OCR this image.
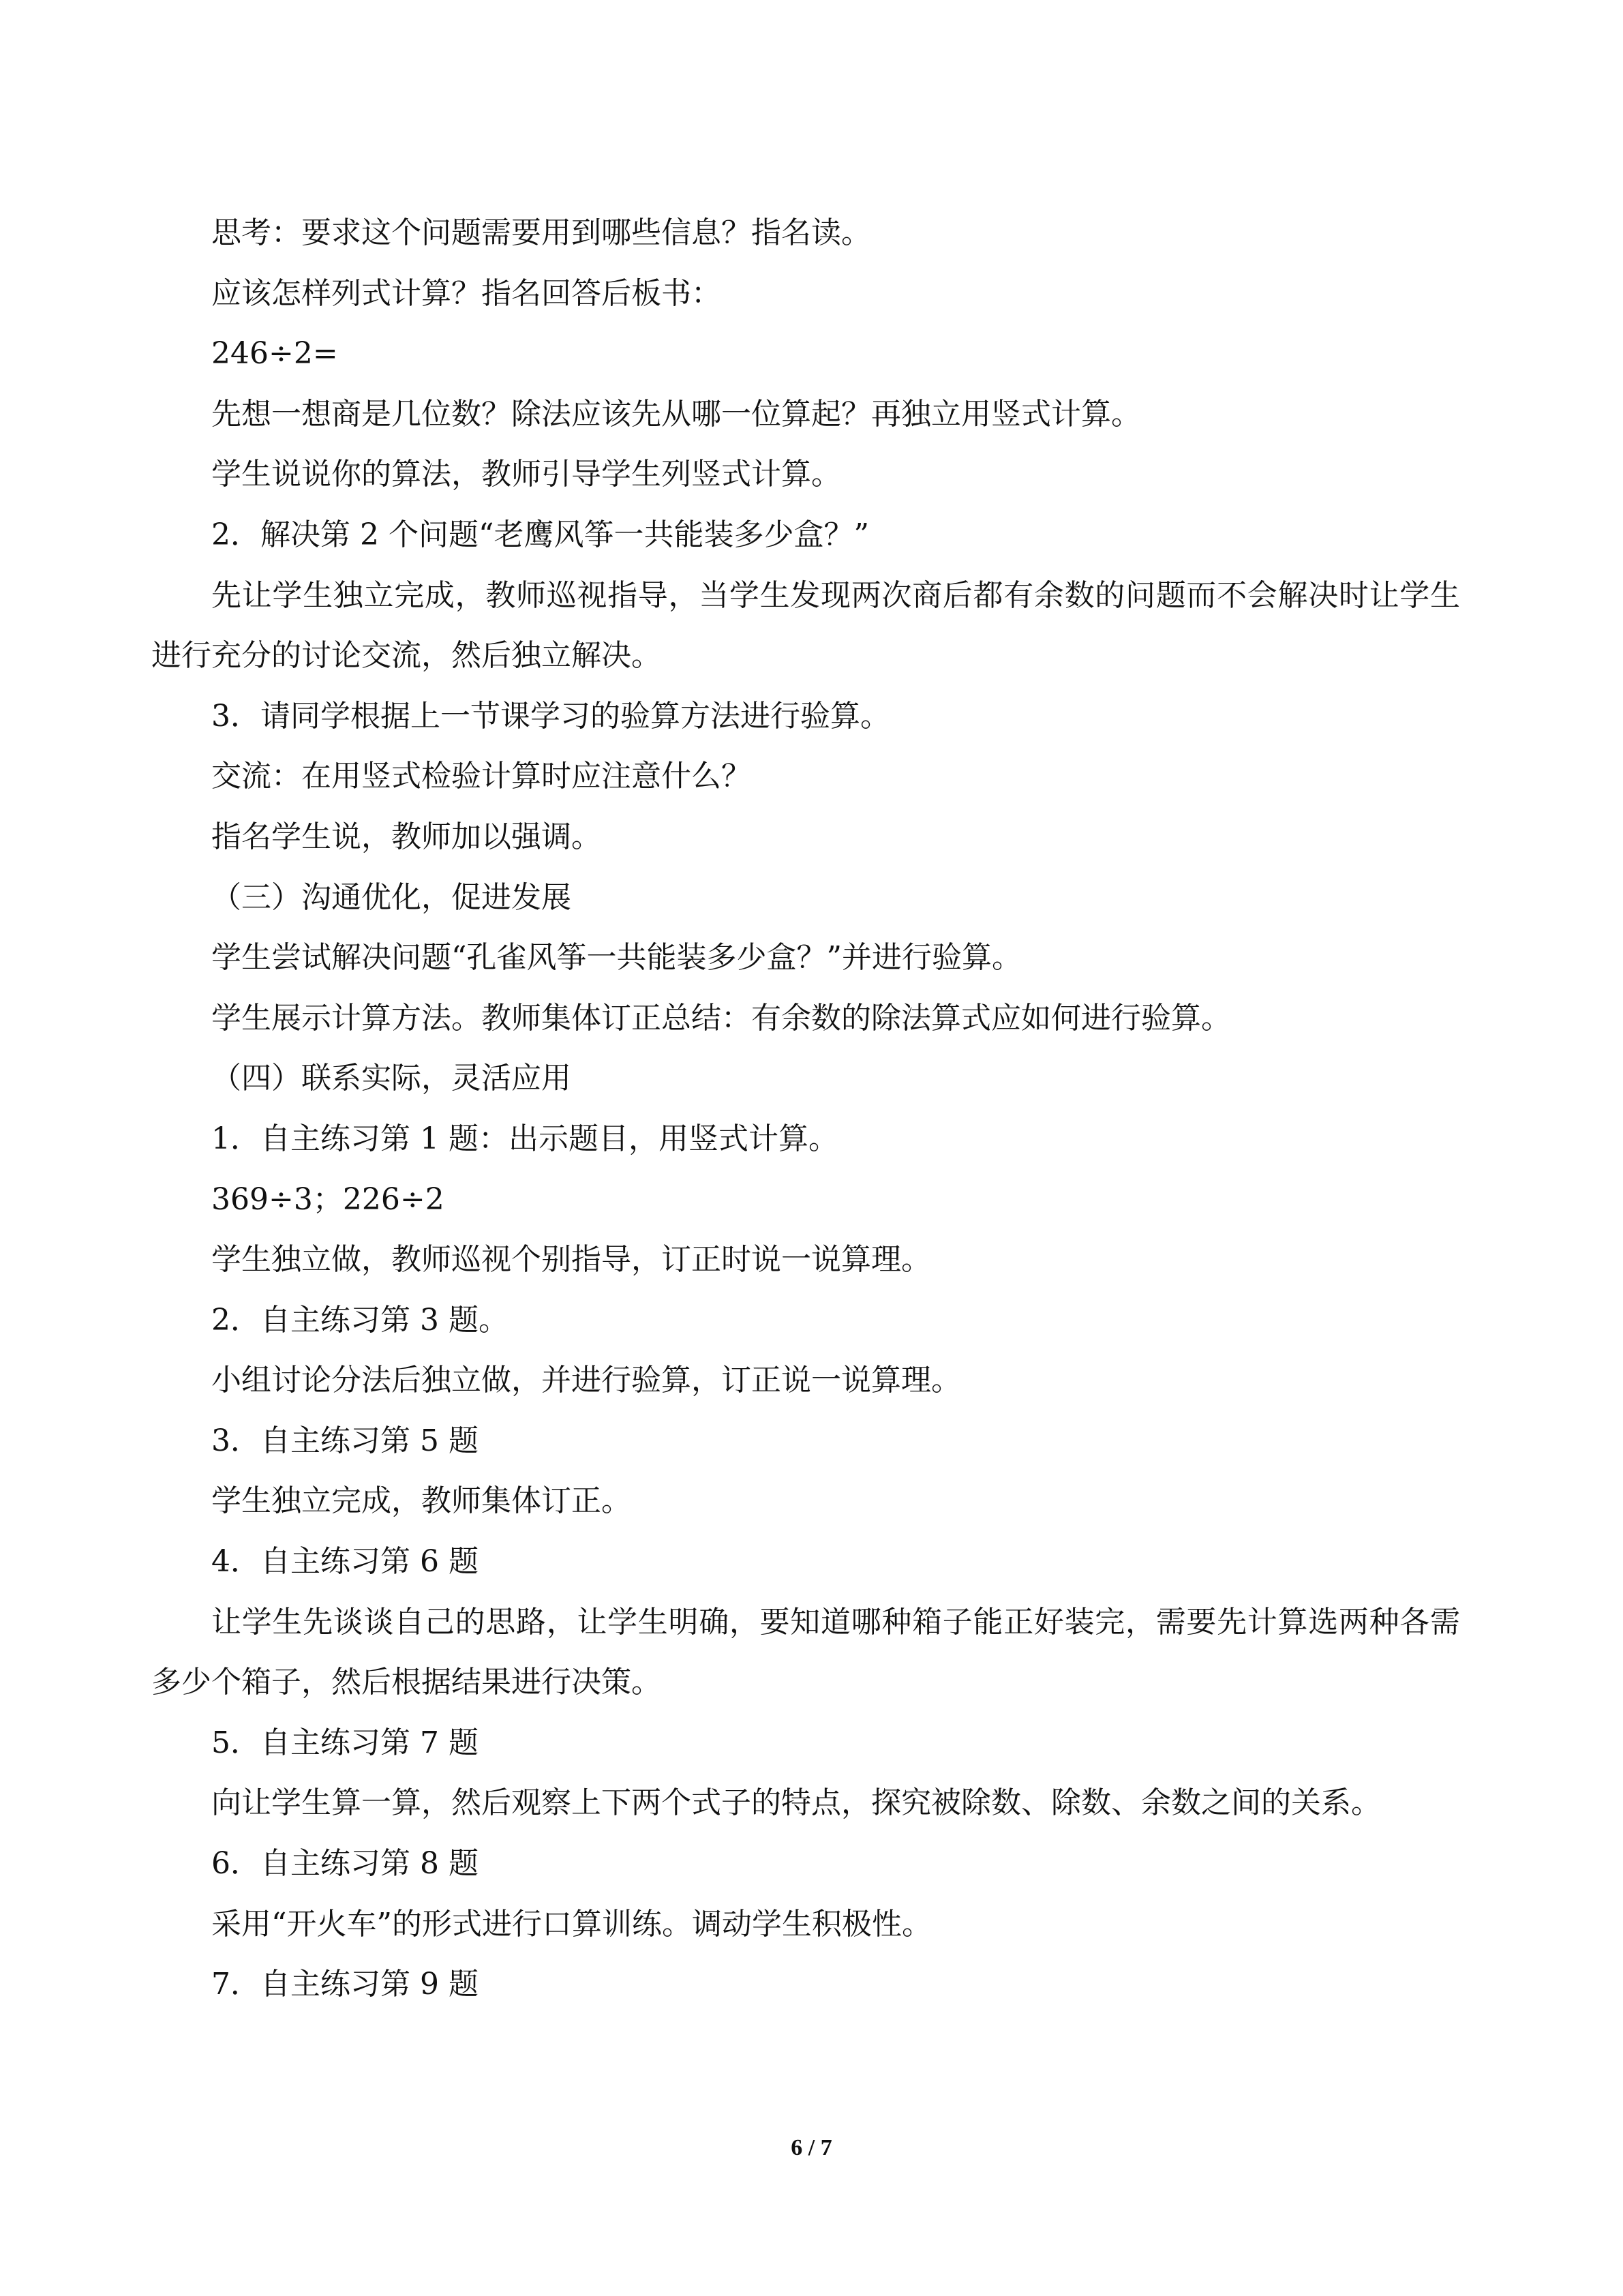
思考：要求这个问题需要用到哪些信息？指名读。
应该怎样列式计算？指名回答后板书：
246÷2=
先想一想商是几位数？除法应该先从哪一位算起？再独立用竖式计算。
学生说说你的算法，教师引导学生列竖式计算。
2．解决第 2 个问题“老鹰风筝一共能装多少盒？”
先让学生独立完成，教师巡视指导，当学生发现两次商后都有余数的问题而不会解决时让学生进行充分的讨论交流，然后独立解决。
3．请同学根据上一节课学习的验算方法进行验算。
交流：在用竖式检验计算时应注意什么？
指名学生说，教师加以强调。
（三）沟通优化，促进发展
学生尝试解决问题“孔雀风筝一共能装多少盒？”并进行验算。
学生展示计算方法。教师集体订正总结：有余数的除法算式应如何进行验算。
（四）联系实际，灵活应用
1．自主练习第 1 题：出示题目，用竖式计算。
369÷3；226÷2
学生独立做，教师巡视个别指导，订正时说一说算理。
2．自主练习第 3 题。
小组讨论分法后独立做，并进行验算，订正说一说算理。
3．自主练习第 5 题
学生独立完成，教师集体订正。
4．自主练习第 6 题
让学生先谈谈自己的思路，让学生明确，要知道哪种箱子能正好装完，需要先计算选两种各需多少个箱子，然后根据结果进行决策。
5．自主练习第 7 题
向让学生算一算，然后观察上下两个式子的特点，探究被除数、除数、余数之间的关系。
6．自主练习第 8 题
采用“开火车”的形式进行口算训练。调动学生积极性。
7．自主练习第 9 题
6 / 7
